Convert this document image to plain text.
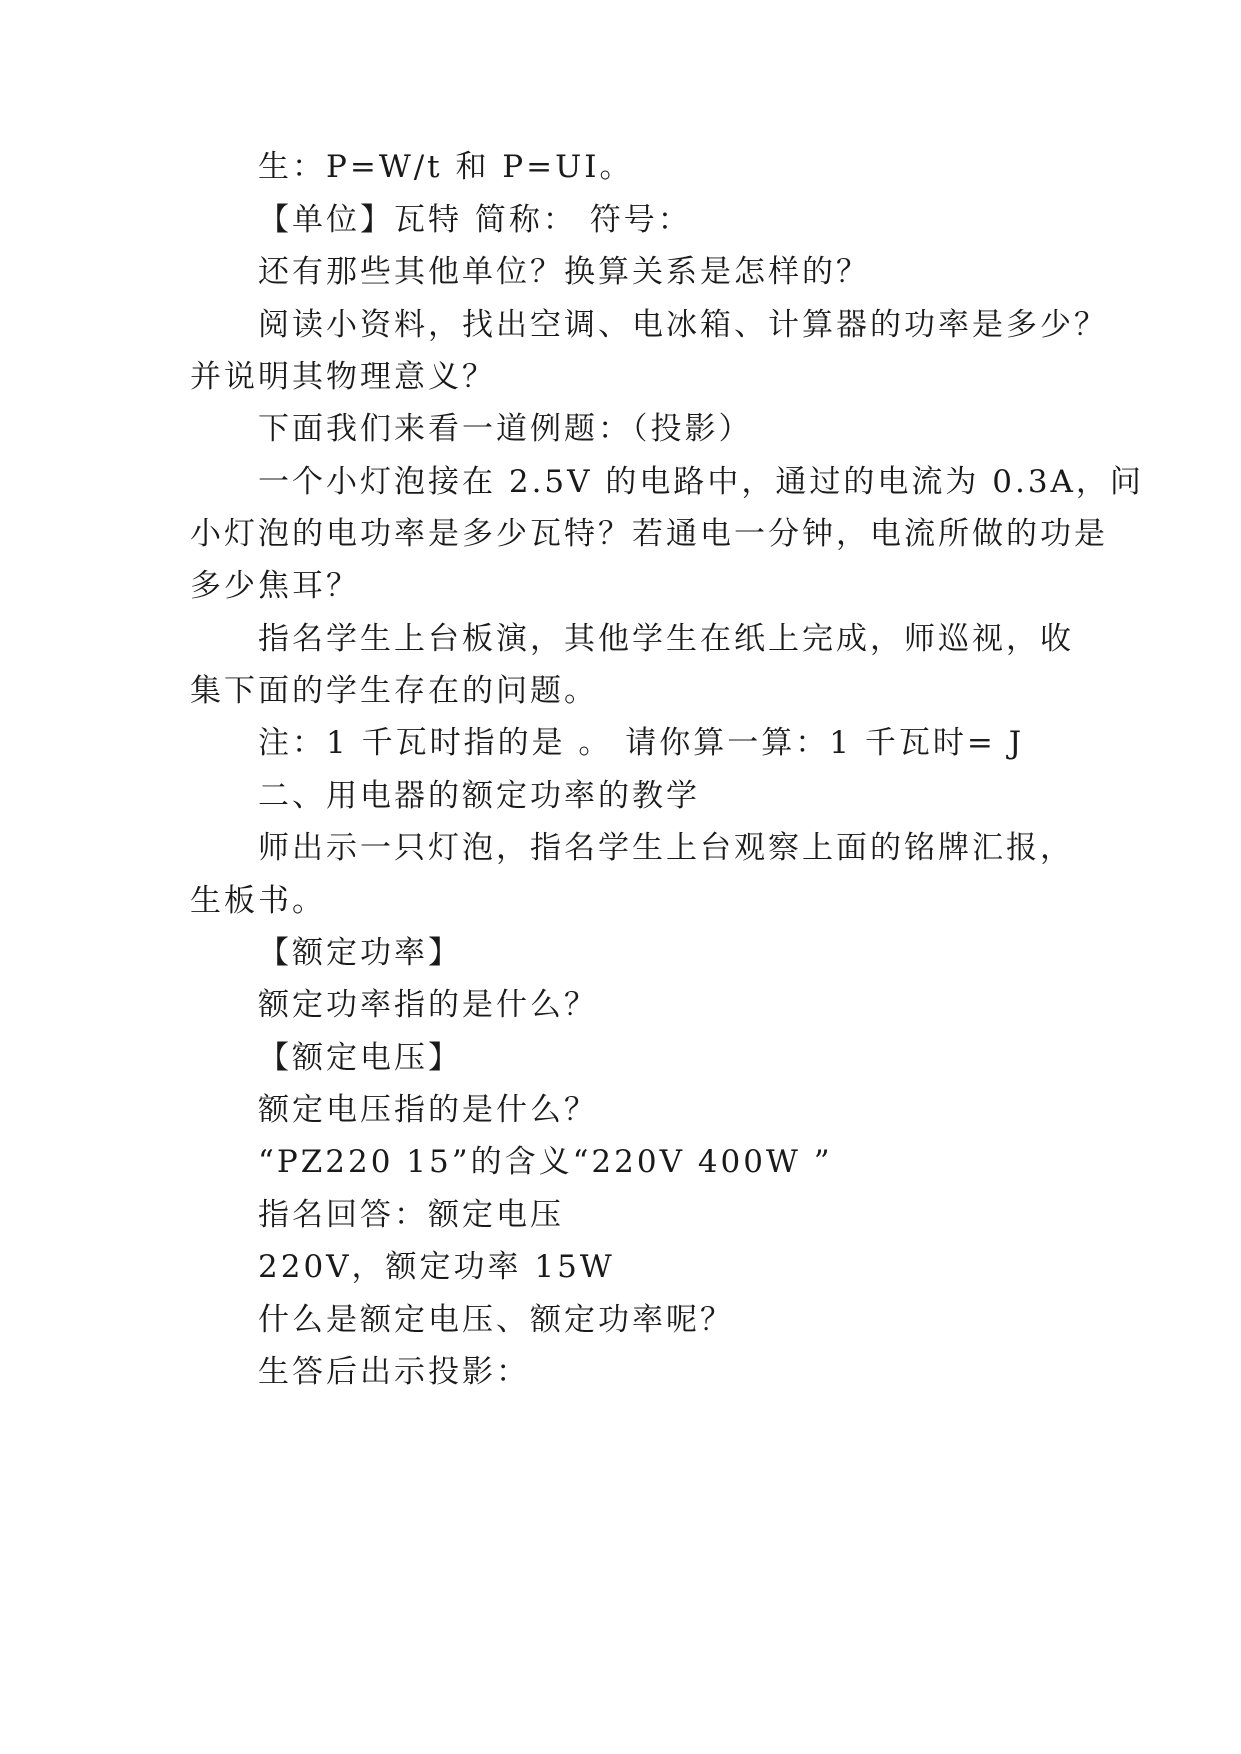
生：P=W/t 和 P=UI。
【单位】瓦特 简称： 符号：
还有那些其他单位？换算关系是怎样的？
阅读小资料，找出空调、电冰箱、计算器的功率是多少？
并说明其物理意义？
下面我们来看一道例题：（投影）
一个小灯泡接在 2.5V 的电路中，通过的电流为 0.3A，问
小灯泡的电功率是多少瓦特？若通电一分钟，电流所做的功是
多少焦耳？
指名学生上台板演，其他学生在纸上完成，师巡视，收
集下面的学生存在的问题。
注：1 千瓦时指的是 。 请你算一算：1 千瓦时= J
二、用电器的额定功率的教学
师出示一只灯泡，指名学生上台观察上面的铭牌汇报，
生板书。
【额定功率】
额定功率指的是什么？
【额定电压】
额定电压指的是什么？
“PZ220 15”的含义“220V 400W ”
指名回答：额定电压
220V，额定功率 15W
什么是额定电压、额定功率呢？
生答后出示投影：
